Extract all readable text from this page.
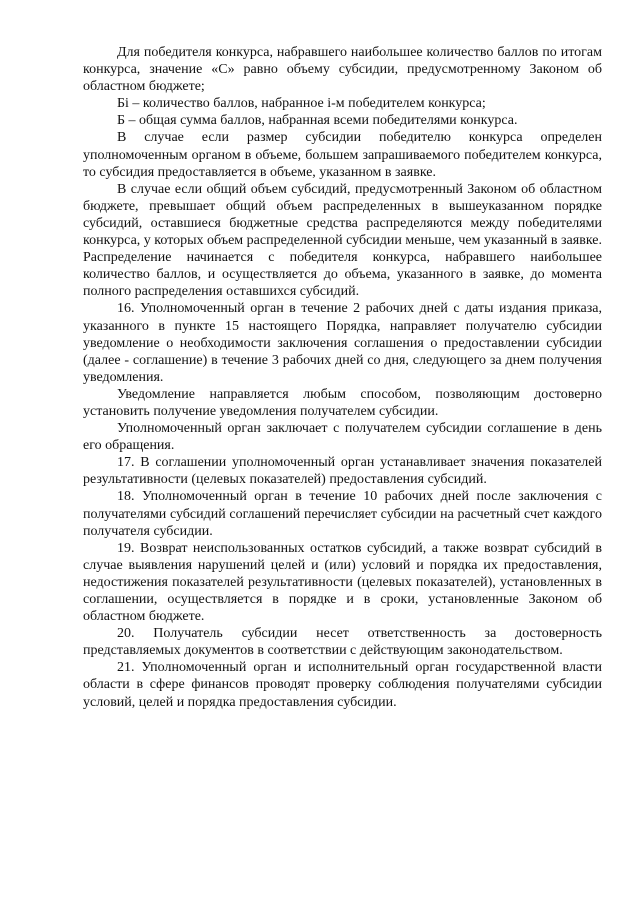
Для победителя конкурса, набравшего наибольшее количество баллов по итогам конкурса, значение «С» равно объему субсидии, предусмотренному Законом об областном бюджете;

Бi – количество баллов, набранное i-м победителем конкурса;

Б – общая сумма баллов, набранная всеми победителями конкурса.

В случае если размер субсидии победителю конкурса определен уполномоченным органом в объеме, большем запрашиваемого победителем конкурса, то субсидия предоставляется в объеме, указанном в заявке.

В случае если общий объем субсидий, предусмотренный Законом об областном бюджете, превышает общий объем распределенных в вышеуказанном порядке субсидий, оставшиеся бюджетные средства распределяются между победителями конкурса, у которых объем распределенной субсидии меньше, чем указанный в заявке. Распределение начинается с победителя конкурса, набравшего наибольшее количество баллов, и осуществляется до объема, указанного в заявке, до момента полного распределения оставшихся субсидий.

16. Уполномоченный орган в течение 2 рабочих дней с даты издания приказа, указанного в пункте 15 настоящего Порядка, направляет получателю субсидии уведомление о необходимости заключения соглашения о предоставлении субсидии (далее - соглашение) в течение 3 рабочих дней со дня, следующего за днем получения уведомления.

Уведомление направляется любым способом, позволяющим достоверно установить получение уведомления получателем субсидии.

Уполномоченный орган заключает с получателем субсидии соглашение в день его обращения.

17. В соглашении уполномоченный орган устанавливает значения показателей результативности (целевых показателей) предоставления субсидий.

18. Уполномоченный орган в течение 10 рабочих дней после заключения с получателями субсидий соглашений перечисляет субсидии на расчетный счет каждого получателя субсидии.

19. Возврат неиспользованных остатков субсидий, а также возврат субсидий в случае выявления нарушений целей и (или) условий и порядка их предоставления, недостижения показателей результативности (целевых показателей), установленных в соглашении, осуществляется в порядке и в сроки, установленные Законом об областном бюджете.

20. Получатель субсидии несет ответственность за достоверность представляемых документов в соответствии с действующим законодательством.

21. Уполномоченный орган и исполнительный орган государственной власти области в сфере финансов проводят проверку соблюдения получателями субсидии условий, целей и порядка предоставления субсидии.
